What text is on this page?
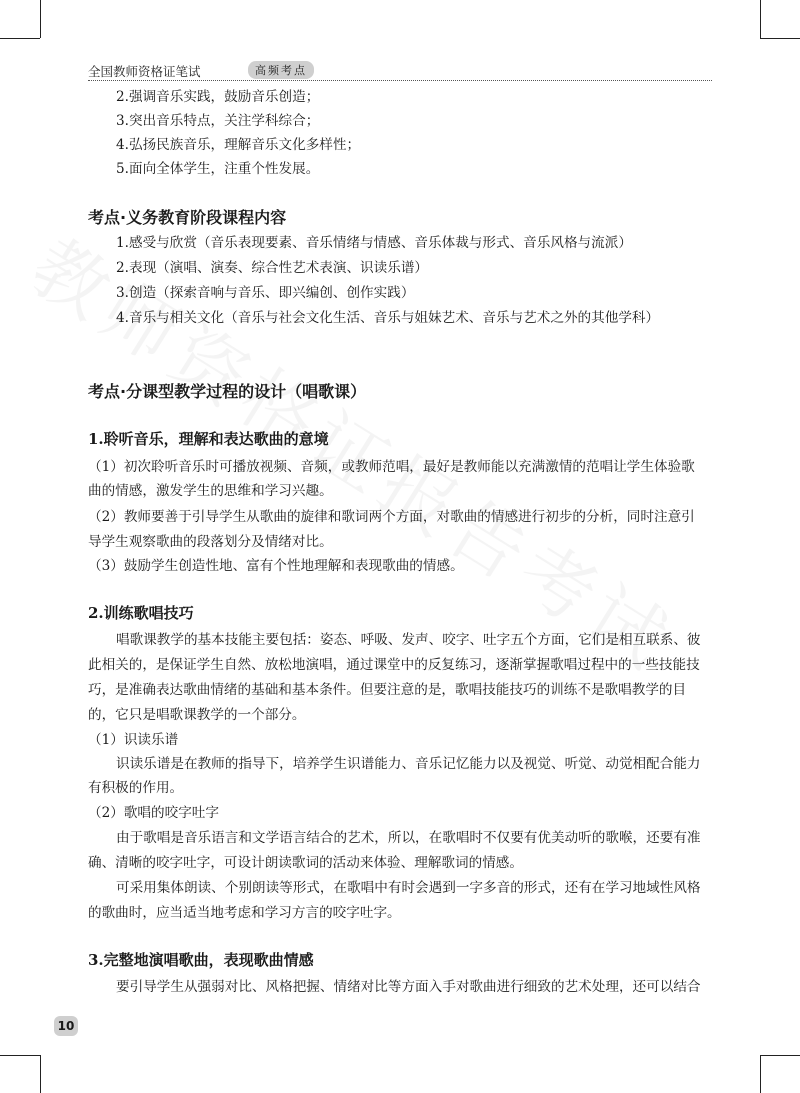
全国教师资格证笔试	高频考点
2.强调音乐实践，鼓励音乐创造；
3.突出音乐特点，关注学科综合；
4.弘扬民族音乐，理解音乐文化多样性；
5.面向全体学生，注重个性发展。
考点·义务教育阶段课程内容
1.感受与欣赏（音乐表现要素、音乐情绪与情感、音乐体裁与形式、音乐风格与流派）
2.表现（演唱、演奏、综合性艺术表演、识读乐谱）
3.创造（探索音响与音乐、即兴编创、创作实践）
4.音乐与相关文化（音乐与社会文化生活、音乐与姐妹艺术、音乐与艺术之外的其他学科）
考点·分课型教学过程的设计（唱歌课）
1.聆听音乐，理解和表达歌曲的意境
（1）初次聆听音乐时可播放视频、音频，或教师范唱，最好是教师能以充满激情的范唱让学生体验歌
曲的情感，激发学生的思维和学习兴趣。
（2）教师要善于引导学生从歌曲的旋律和歌词两个方面，对歌曲的情感进行初步的分析，同时注意引
导学生观察歌曲的段落划分及情绪对比。
（3）鼓励学生创造性地、富有个性地理解和表现歌曲的情感。
2.训练歌唱技巧
唱歌课教学的基本技能主要包括：姿态、呼吸、发声、咬字、吐字五个方面，它们是相互联系、彼
此相关的，是保证学生自然、放松地演唱，通过课堂中的反复练习，逐渐掌握歌唱过程中的一些技能技
巧，是准确表达歌曲情绪的基础和基本条件。但要注意的是，歌唱技能技巧的训练不是歌唱教学的目
的，它只是唱歌课教学的一个部分。
（1）识读乐谱
识读乐谱是在教师的指导下，培养学生识谱能力、音乐记忆能力以及视觉、听觉、动觉相配合能力
有积极的作用。
（2）歌唱的咬字吐字
由于歌唱是音乐语言和文学语言结合的艺术，所以，在歌唱时不仅要有优美动听的歌喉，还要有准
确、清晰的咬字吐字，可设计朗读歌词的活动来体验、理解歌词的情感。
可采用集体朗读、个别朗读等形式，在歌唱中有时会遇到一字多音的形式，还有在学习地域性风格
的歌曲时，应当适当地考虑和学习方言的咬字吐字。
3.完整地演唱歌曲，表现歌曲情感
要引导学生从强弱对比、风格把握、情绪对比等方面入手对歌曲进行细致的艺术处理，还可以结合
10
